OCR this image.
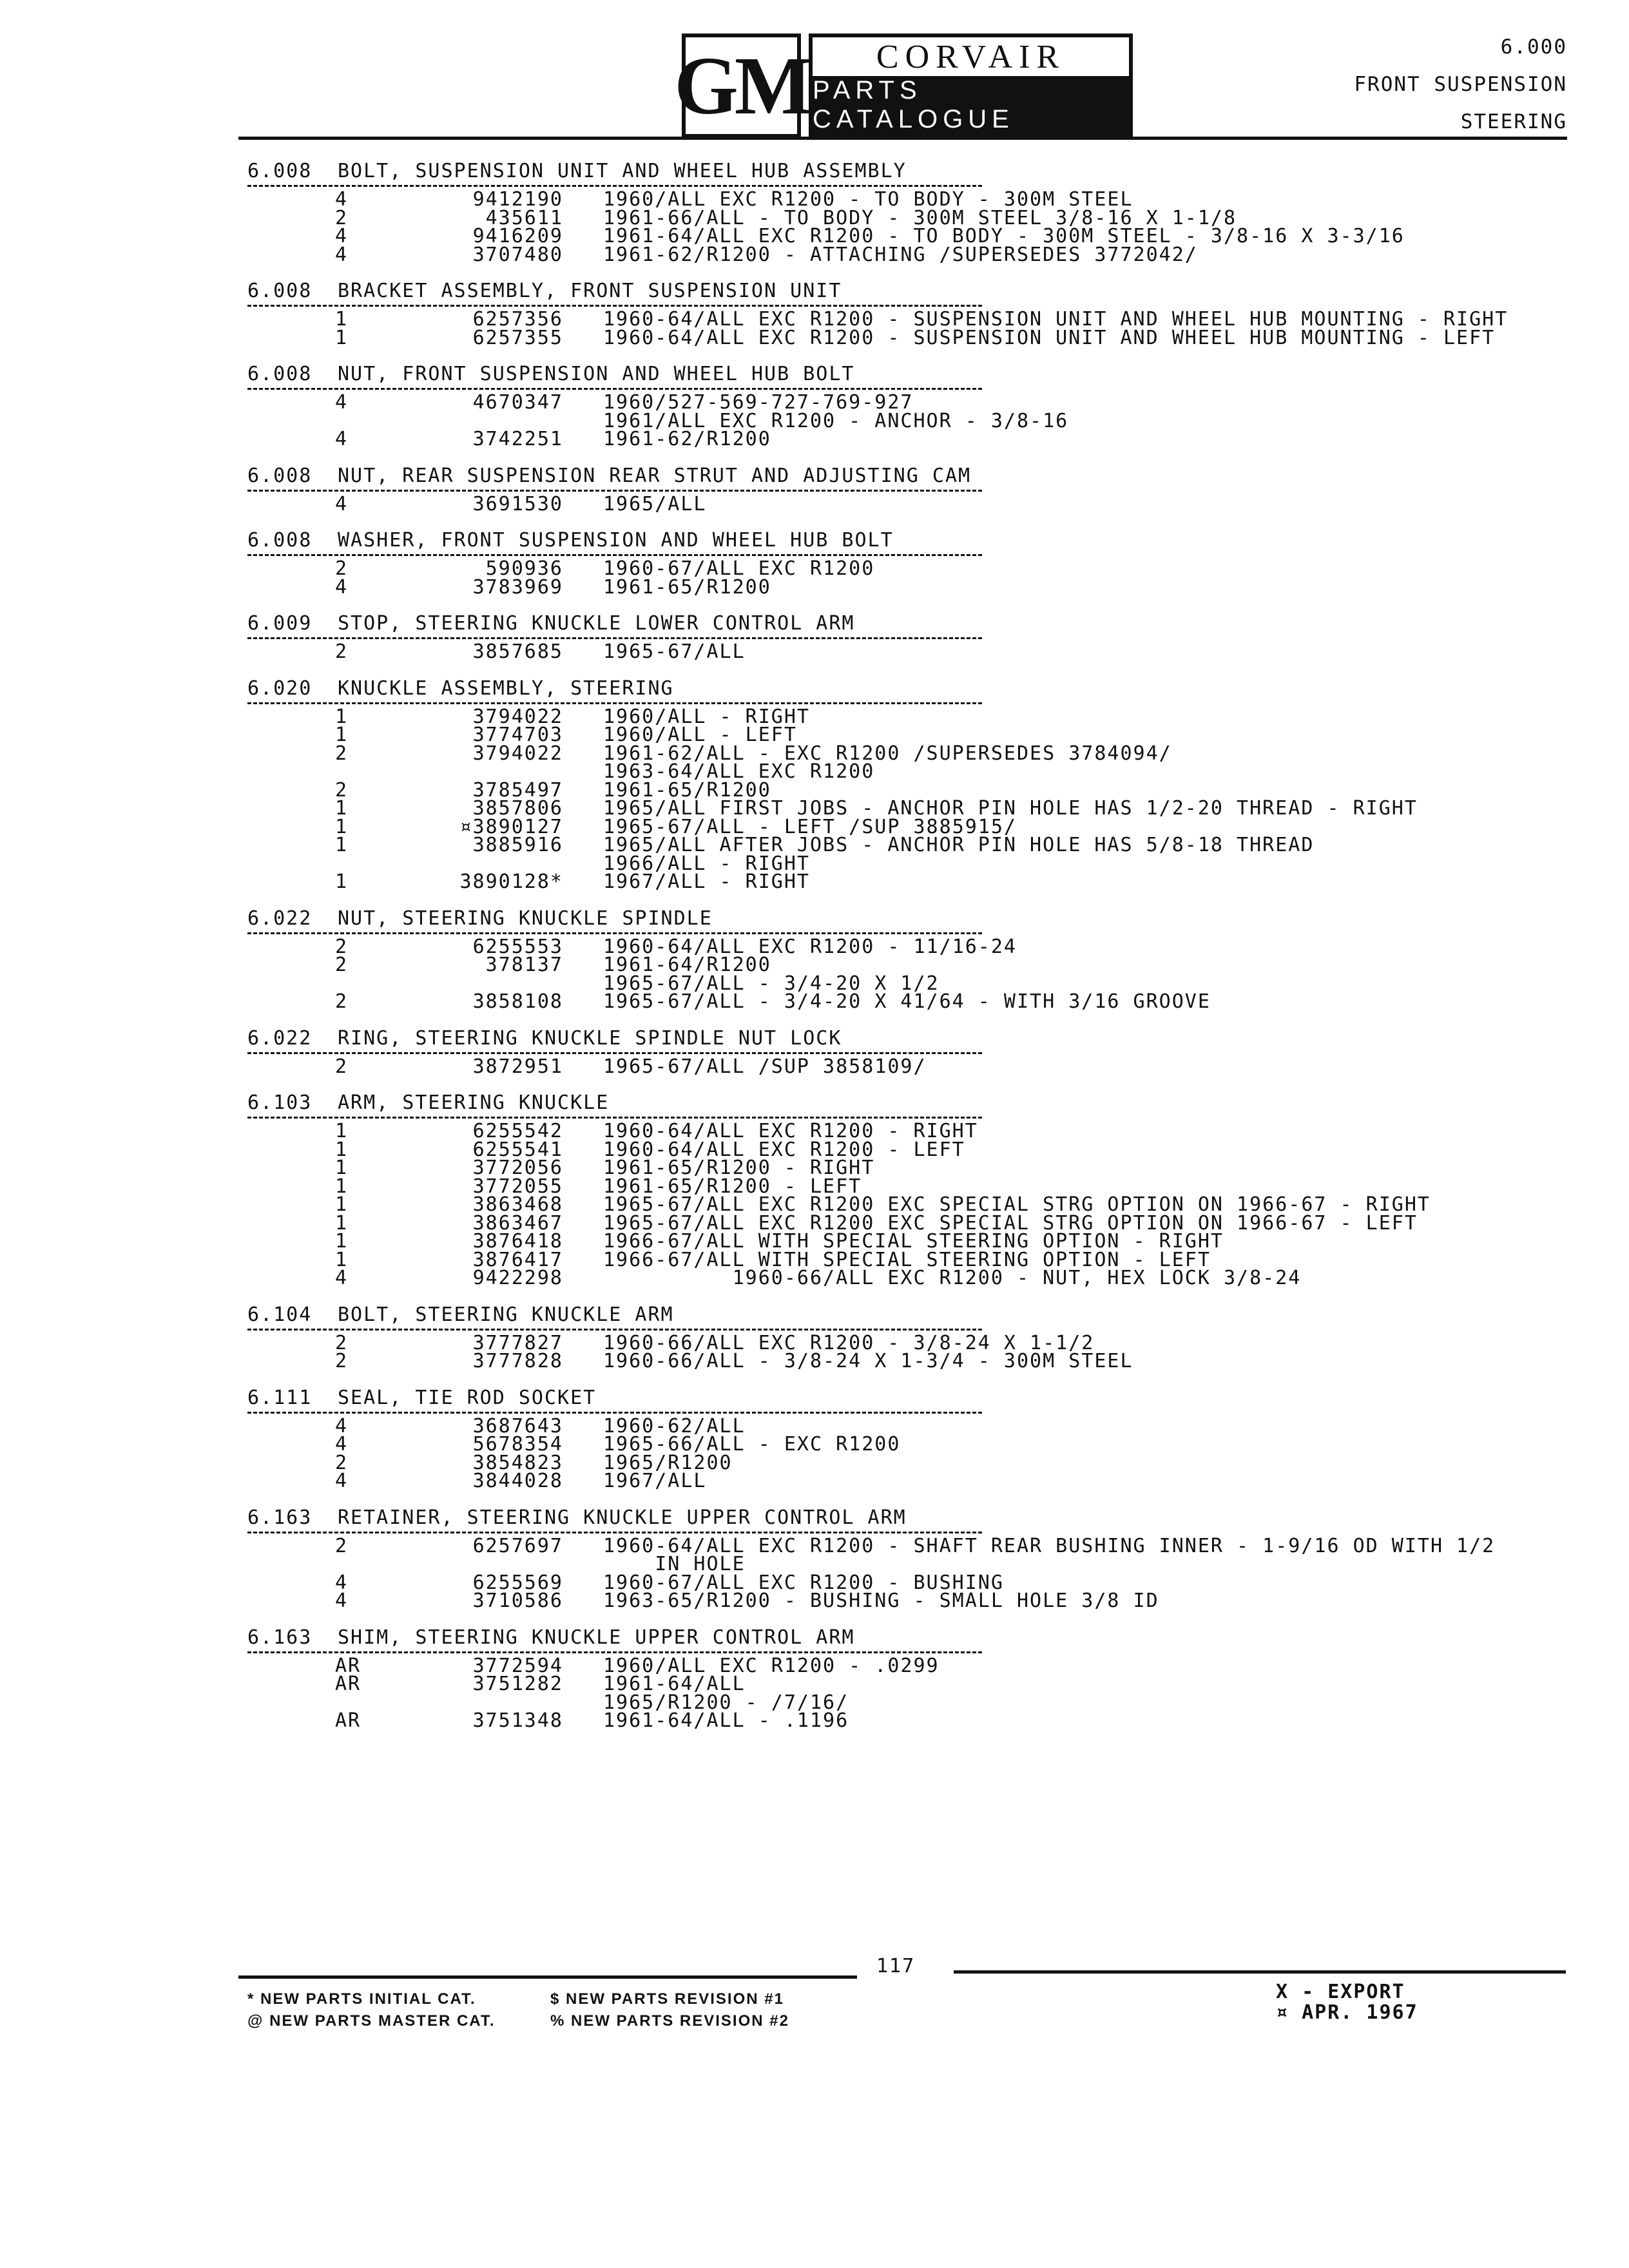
GM	CORVAIR
PARTS CATALOGUE
6.000
FRONT SUSPENSION
STEERING
6.008 BOLT, SUSPENSION UNIT AND WHEEL HUB ASSEMBLY
4	9412190	1960/ALL EXC R1200 - TO BODY - 300M STEEL
2	435611	1961-66/ALL - TO BODY - 300M STEEL 3/8-16 X 1-1/8
4	9416209	1961-64/ALL EXC R1200 - TO BODY - 300M STEEL - 3/8-16 X 3-3/16
4	3707480	1961-62/R1200 - ATTACHING /SUPERSEDES 3772042/
6.008 BRACKET ASSEMBLY, FRONT SUSPENSION UNIT
1	6257356	1960-64/ALL EXC R1200 - SUSPENSION UNIT AND WHEEL HUB MOUNTING - RIGHT
1	6257355	1960-64/ALL EXC R1200 - SUSPENSION UNIT AND WHEEL HUB MOUNTING - LEFT
6.008 NUT, FRONT SUSPENSION AND WHEEL HUB BOLT
4	4670347	1960/527-569-727-769-927
1961/ALL EXC R1200 - ANCHOR - 3/8-16
4	3742251	1961-62/R1200
6.008 NUT, REAR SUSPENSION REAR STRUT AND ADJUSTING CAM
4	3691530	1965/ALL
6.008 WASHER, FRONT SUSPENSION AND WHEEL HUB BOLT
2	590936	1960-67/ALL EXC R1200
4	3783969	1961-65/R1200
6.009 STOP, STEERING KNUCKLE LOWER CONTROL ARM
2	3857685	1965-67/ALL
6.020 KNUCKLE ASSEMBLY, STEERING
1	3794022	1960/ALL - RIGHT
1	3774703	1960/ALL - LEFT
2	3794022	1961-62/ALL - EXC R1200 /SUPERSEDES 3784094/
1963-64/ALL EXC R1200
2	3785497	1961-65/R1200
1	3857806	1965/ALL FIRST JOBS - ANCHOR PIN HOLE HAS 1/2-20 THREAD - RIGHT
1	¤3890127	1965-67/ALL - LEFT /SUP 3885915/
1	3885916	1965/ALL AFTER JOBS - ANCHOR PIN HOLE HAS 5/8-18 THREAD
1966/ALL - RIGHT
1	3890128*	1967/ALL - RIGHT
6.022 NUT, STEERING KNUCKLE SPINDLE
2	6255553	1960-64/ALL EXC R1200 - 11/16-24
2	378137	1961-64/R1200
1965-67/ALL - 3/4-20 X 1/2
2	3858108	1965-67/ALL - 3/4-20 X 41/64 - WITH 3/16 GROOVE
6.022 RING, STEERING KNUCKLE SPINDLE NUT LOCK
2	3872951	1965-67/ALL /SUP 3858109/
6.103 ARM, STEERING KNUCKLE
1	6255542	1960-64/ALL EXC R1200 - RIGHT
1	6255541	1960-64/ALL EXC R1200 - LEFT
1	3772056	1961-65/R1200 - RIGHT
1	3772055	1961-65/R1200 - LEFT
1	3863468	1965-67/ALL EXC R1200 EXC SPECIAL STRG OPTION ON 1966-67 - RIGHT
1	3863467	1965-67/ALL EXC R1200 EXC SPECIAL STRG OPTION ON 1966-67 - LEFT
1	3876418	1966-67/ALL WITH SPECIAL STEERING OPTION - RIGHT
1	3876417	1966-67/ALL WITH SPECIAL STEERING OPTION - LEFT
4	9422298	1960-66/ALL EXC R1200 - NUT, HEX LOCK 3/8-24
6.104 BOLT, STEERING KNUCKLE ARM
2	3777827	1960-66/ALL EXC R1200 - 3/8-24 X 1-1/2
2	3777828	1960-66/ALL - 3/8-24 X 1-3/4 - 300M STEEL
6.111 SEAL, TIE ROD SOCKET
4	3687643	1960-62/ALL
4	5678354	1965-66/ALL - EXC R1200
2	3854823	1965/R1200
4	3844028	1967/ALL
6.163 RETAINER, STEERING KNUCKLE UPPER CONTROL ARM
2	6257697	1960-64/ALL EXC R1200 - SHAFT REAR BUSHING INNER - 1-9/16 OD WITH 1/2
IN HOLE
4	6255569	1960-67/ALL EXC R1200 - BUSHING
4	3710586	1963-65/R1200 - BUSHING - SMALL HOLE 3/8 ID
6.163 SHIM, STEERING KNUCKLE UPPER CONTROL ARM
AR	3772594	1960/ALL EXC R1200 - .0299
AR	3751282	1961-64/ALL
1965/R1200 - /7/16/
AR	3751348	1961-64/ALL - .1196
117
* NEW PARTS INITIAL CAT.
@ NEW PARTS MASTER CAT.
$ NEW PARTS REVISION #1
% NEW PARTS REVISION #2
X - EXPORT
¤ APR. 1967
